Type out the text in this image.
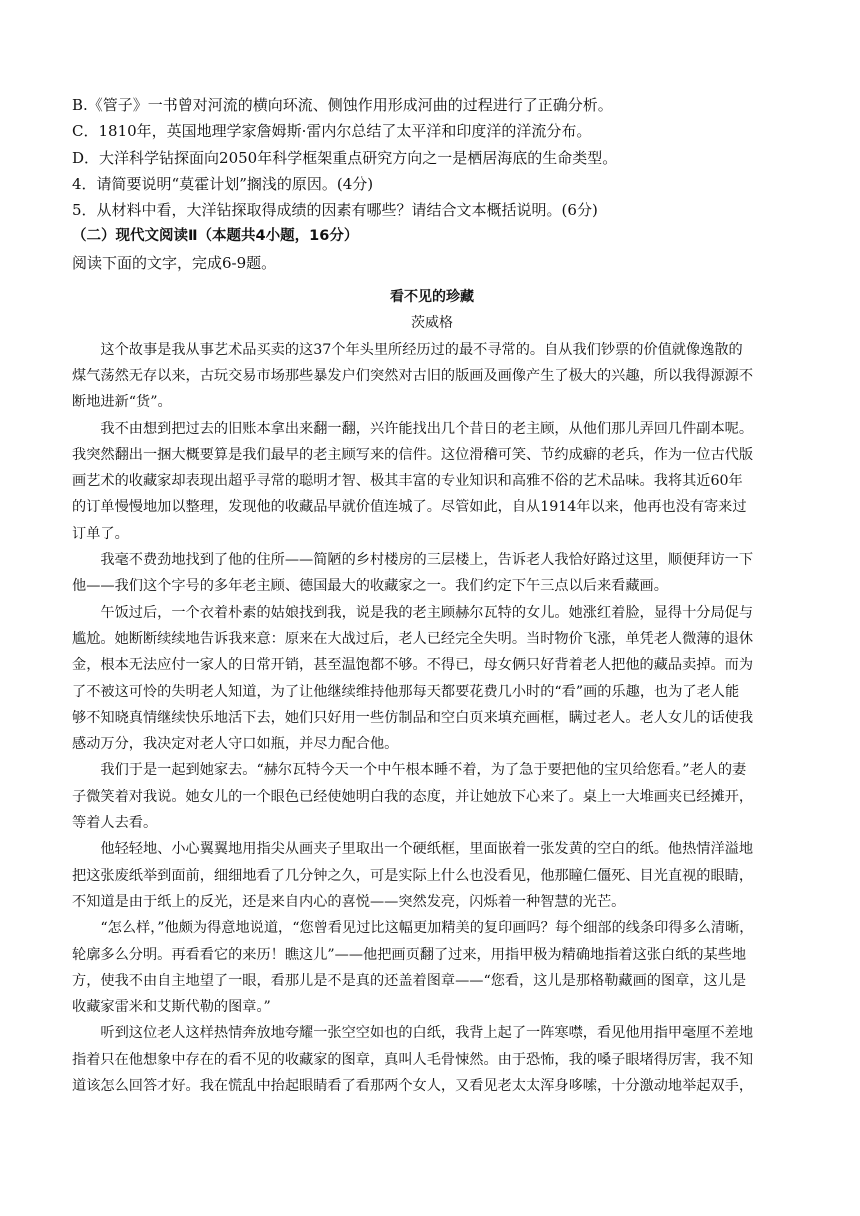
B.《管子》一书曾对河流的横向环流、侧蚀作用形成河曲的过程进行了正确分析。

C．1810年，英国地理学家詹姆斯·雷内尔总结了太平洋和印度洋的洋流分布。

D．大洋科学钻探面向2050年科学框架重点研究方向之一是栖居海底的生命类型。

4．请简要说明“莫霍计划”搁浅的原因。(4分)

5．从材料中看，大洋钻探取得成绩的因素有哪些？请结合文本概括说明。(6分)

（二）现代文阅读Ⅱ（本题共4小题，16分）

阅读下面的文字，完成6-9题。

看不见的珍藏
茨威格

这个故事是我从事艺术品买卖的这37个年头里所经历过的最不寻常的。自从我们钞票的价值就像逸散的
煤气荡然无存以来，古玩交易市场那些暴发户们突然对古旧的版画及画像产生了极大的兴趣，所以我得源源不
断地进新“货”。

我不由想到把过去的旧账本拿出来翻一翻，兴许能找出几个昔日的老主顾，从他们那儿弄回几件副本呢。
我突然翻出一捆大概要算是我们最早的老主顾写来的信件。这位滑稽可笑、节约成癖的老兵，作为一位古代版
画艺术的收藏家却表现出超乎寻常的聪明才智、极其丰富的专业知识和高雅不俗的艺术品味。我将其近60年
的订单慢慢地加以整理，发现他的收藏品早就价值连城了。尽管如此，自从1914年以来，他再也没有寄来过
订单了。

我毫不费劲地找到了他的住所——简陋的乡村楼房的三层楼上，告诉老人我恰好路过这里，顺便拜访一下
他——我们这个字号的多年老主顾、德国最大的收藏家之一。我们约定下午三点以后来看藏画。

午饭过后，一个衣着朴素的姑娘找到我，说是我的老主顾赫尔瓦特的女儿。她涨红着脸，显得十分局促与
尴尬。她断断续续地告诉我来意：原来在大战过后，老人已经完全失明。当时物价飞涨，单凭老人微薄的退休
金，根本无法应付一家人的日常开销，甚至温饱都不够。不得已，母女俩只好背着老人把他的藏品卖掉。而为
了不被这可怜的失明老人知道，为了让他继续维持他那每天都要花费几小时的“看”画的乐趣，也为了老人能
够不知晓真情继续快乐地活下去，她们只好用一些仿制品和空白页来填充画框，瞒过老人。老人女儿的话使我
感动万分，我决定对老人守口如瓶，并尽力配合他。

我们于是一起到她家去。“赫尔瓦特今天一个中午根本睡不着，为了急于要把他的宝贝给您看。”老人的妻
子微笑着对我说。她女儿的一个眼色已经使她明白我的态度，并让她放下心来了。桌上一大堆画夹已经摊开，
等着人去看。

他轻轻地、小心翼翼地用指尖从画夹子里取出一个硬纸框，里面嵌着一张发黄的空白的纸。他热情洋溢地
把这张废纸举到面前，细细地看了几分钟之久，可是实际上什么也没看见，他那瞳仁僵死、目光直视的眼睛，
不知道是由于纸上的反光，还是来自内心的喜悦——突然发亮，闪烁着一种智慧的光芒。

“怎么样，”他颇为得意地说道，“您曾看见过比这幅更加精美的复印画吗？每个细部的线条印得多么清晰，
轮廓多么分明。再看看它的来历！瞧这儿”——他把画页翻了过来，用指甲极为精确地指着这张白纸的某些地
方，使我不由自主地望了一眼，看那儿是不是真的还盖着图章——“您看，这儿是那格勒藏画的图章，这儿是
收藏家雷米和艾斯代勒的图章。”

听到这位老人这样热情奔放地夸耀一张空空如也的白纸，我背上起了一阵寒噤，看见他用指甲毫厘不差地
指着只在他想象中存在的看不见的收藏家的图章，真叫人毛骨悚然。由于恐怖，我的嗓子眼堵得厉害，我不知
道该怎么回答才好。我在慌乱中抬起眼睛看了看那两个女人，又看见老太太浑身哆嗦，十分激动地举起双手，
